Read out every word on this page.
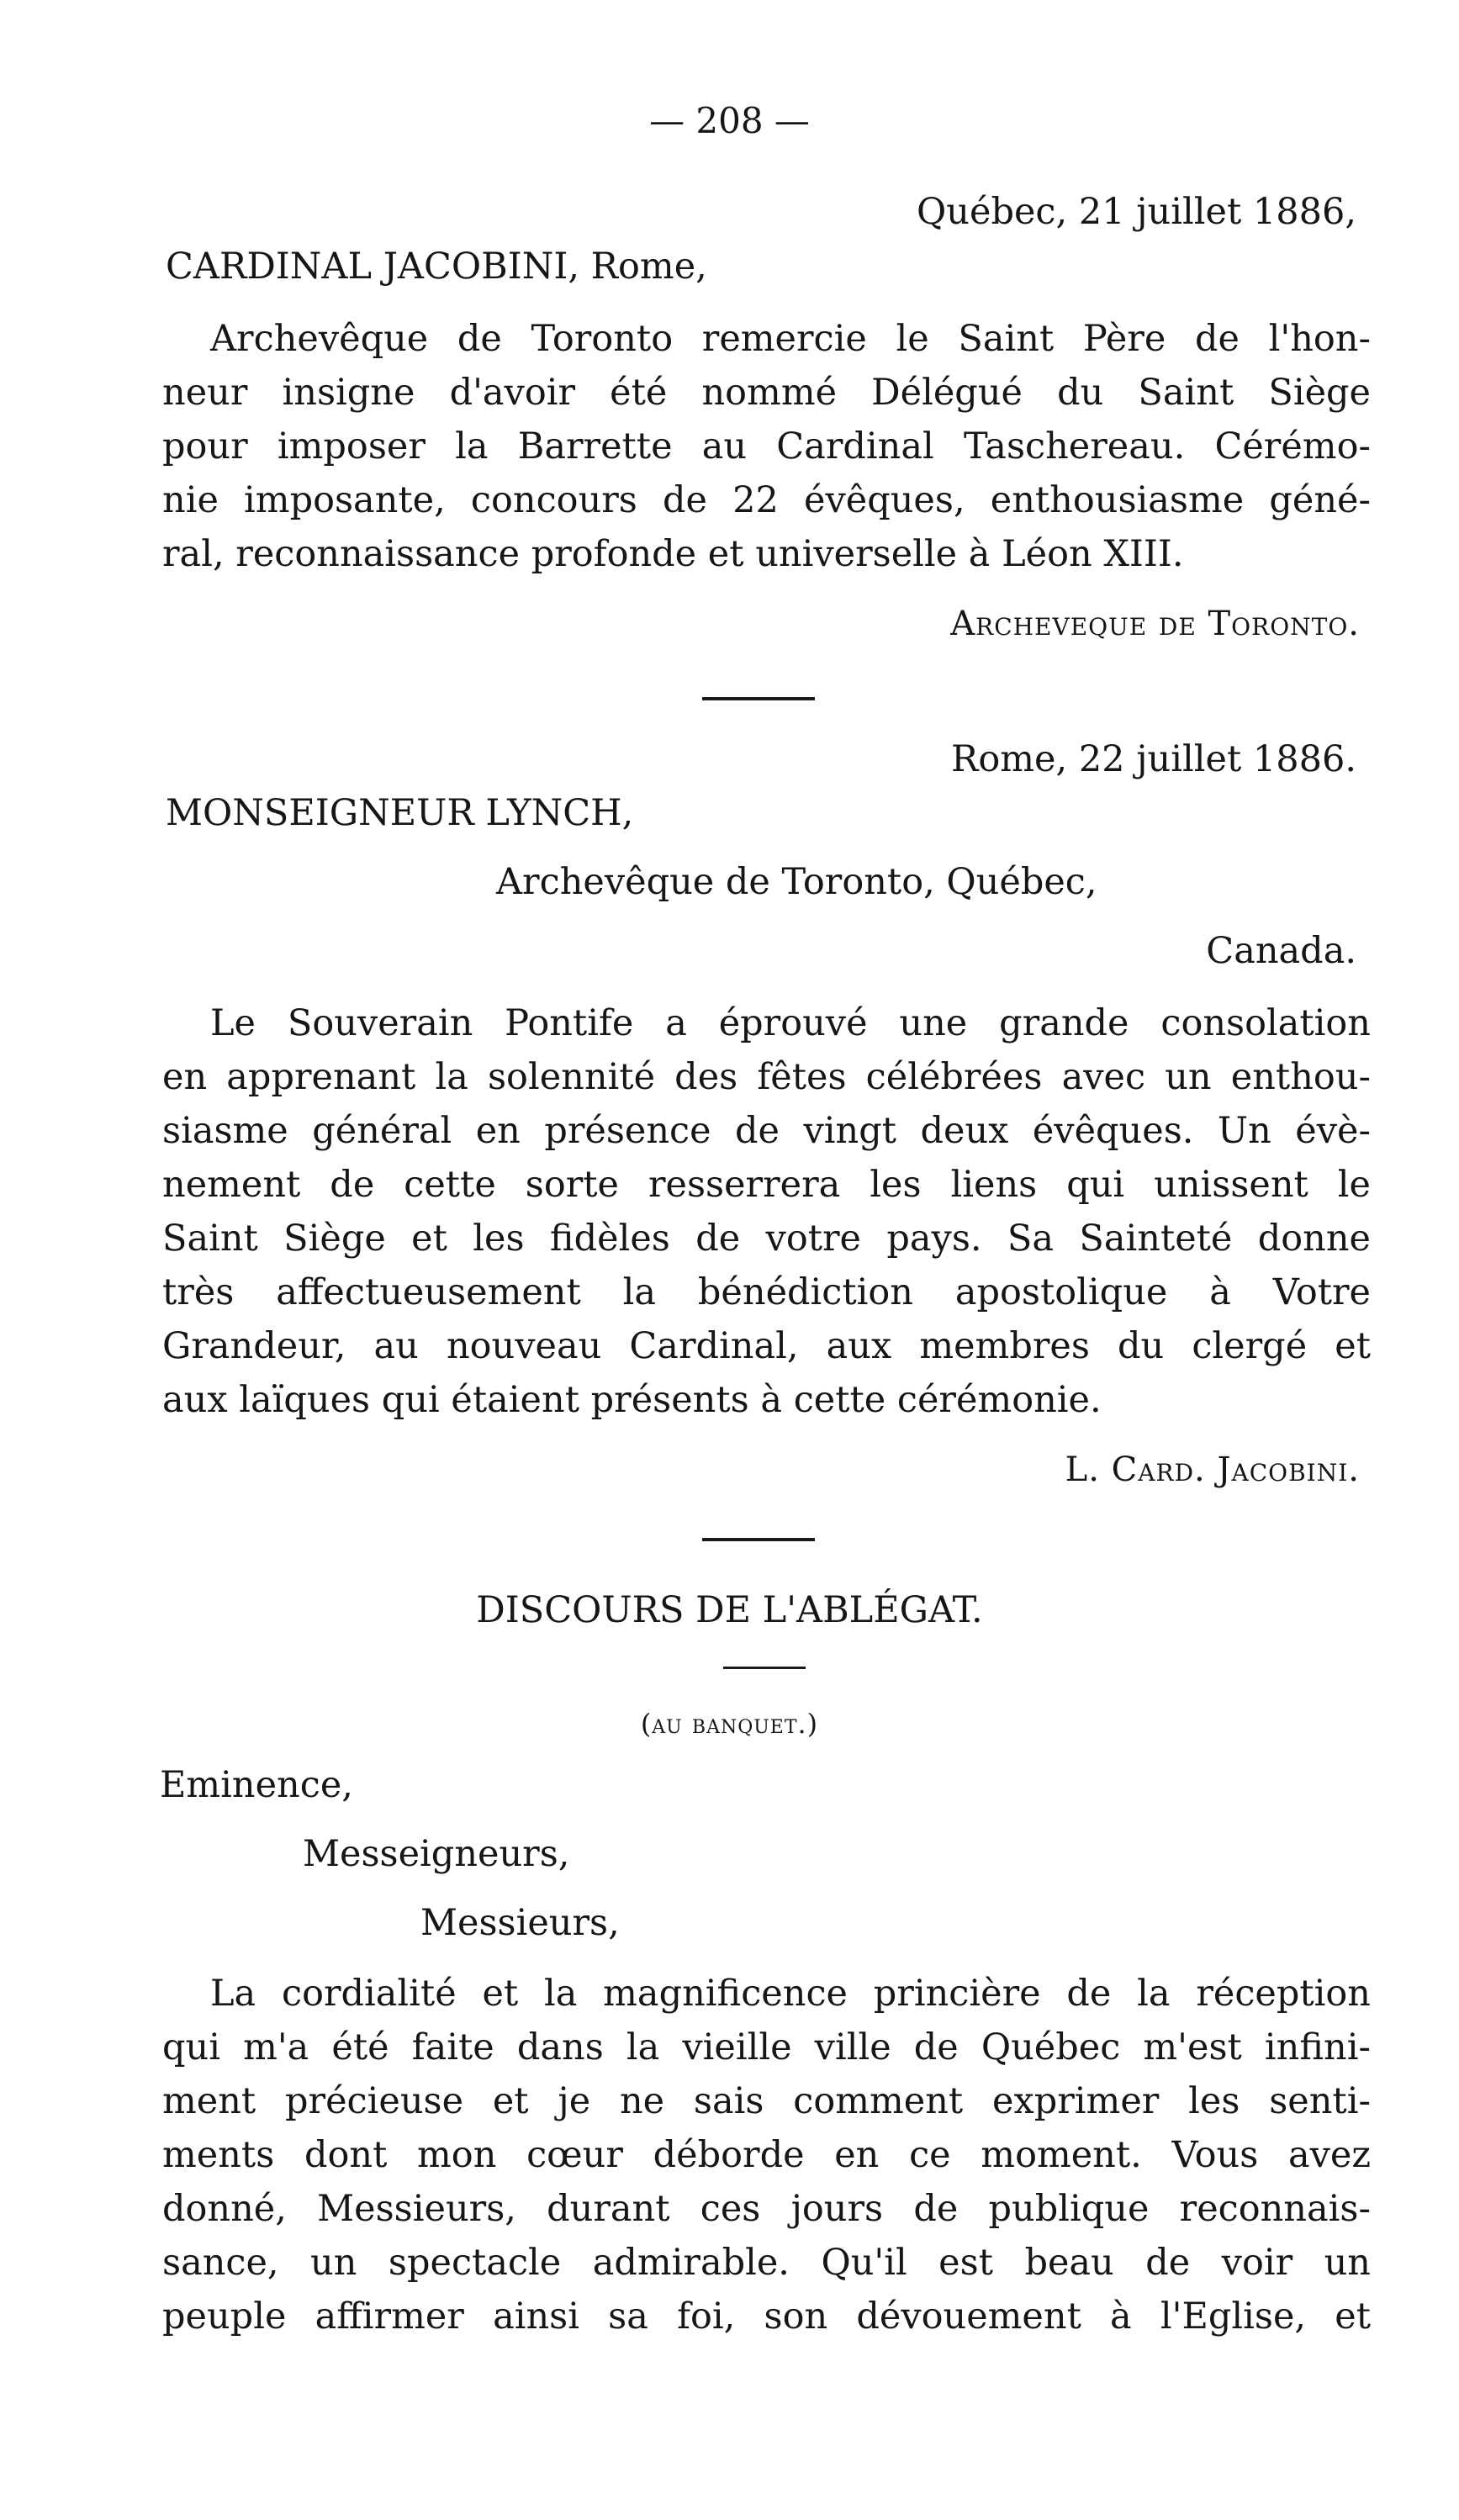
— 208 —
Québec, 21 juillet 1886,
CARDINAL JACOBINI, Rome,
Archevêque de Toronto remercie le Saint Père de l'hon-
neur insigne d'avoir été nommé Délégué du Saint Siège
pour imposer la Barrette au Cardinal Taschereau. Cérémo-
nie imposante, concours de 22 évêques, enthousiasme géné-
ral, reconnaissance profonde et universelle à Léon XIII.
Archeveque de Toronto.
Rome, 22 juillet 1886.
MONSEIGNEUR LYNCH,
Archevêque de Toronto, Québec,
Canada.
Le Souverain Pontife a éprouvé une grande consolation
en apprenant la solennité des fêtes célébrées avec un enthou-
siasme général en présence de vingt deux évêques. Un évè-
nement de cette sorte resserrera les liens qui unissent le
Saint Siège et les fidèles de votre pays. Sa Sainteté donne
très affectueusement la bénédiction apostolique à Votre
Grandeur, au nouveau Cardinal, aux membres du clergé et
aux laïques qui étaient présents à cette cérémonie.
L. Card. Jacobini.
DISCOURS DE L'ABLÉGAT.
(au banquet.)
Eminence,
Messeigneurs,
Messieurs,
La cordialité et la magnificence princière de la réception
qui m'a été faite dans la vieille ville de Québec m'est infini-
ment précieuse et je ne sais comment exprimer les senti-
ments dont mon cœur déborde en ce moment. Vous avez
donné, Messieurs, durant ces jours de publique reconnais-
sance, un spectacle admirable. Qu'il est beau de voir un
peuple affirmer ainsi sa foi, son dévouement à l'Eglise, et
